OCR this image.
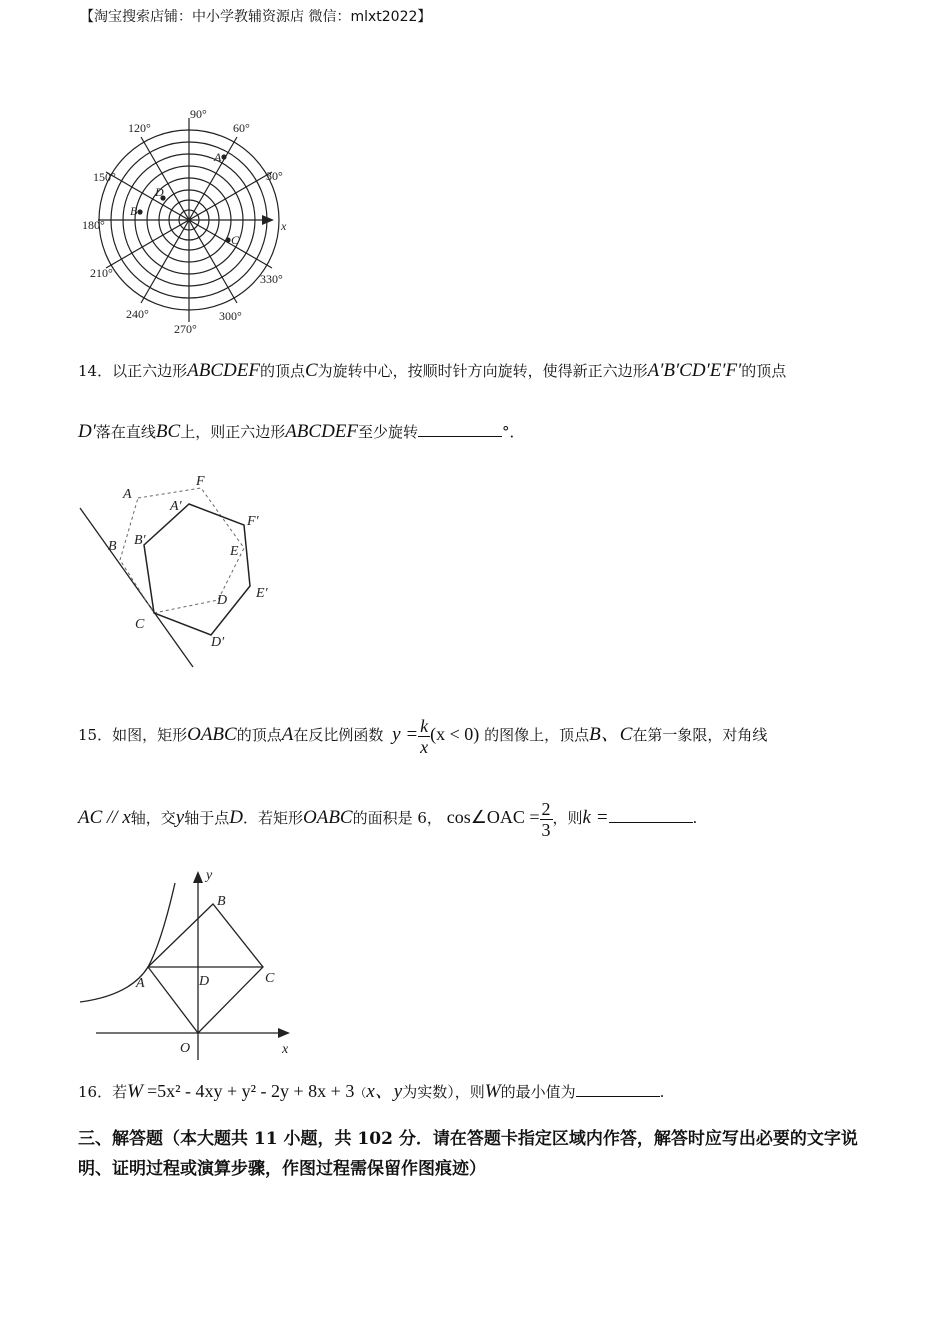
【淘宝搜索店铺：中小学教辅资源店 微信：mlxt2022】
90°
60°
30°
330°
300°
270°
240°
210°
180°
150°
120°
A
B
C
D
x
14．以正六边形ABCDEF的顶点C为旋转中心，按顺时针方向旋转，使得新正六边形A′B′CD′E′F′的顶点
D′落在直线BC上，则正六边形ABCDEF至少旋转	°．
A
F
A′
F′
B′
E
B
E′
D
C
D′
15．如图，矩形OABC的顶点A在反比例函数 $y = \frac{k}{x} (x < 0)$ 的图像上，顶点B、C在第一象限，对角线
AC // x轴，交y轴于点D．若矩形OABC的面积是 6， cos∠OAC = $\frac{2}{3}$ ，则k =	.
y
B
A	D	C
O	x
16．若W =5x² - 4xy + y² - 2y + 8x + 3（x、y为实数），则W的最小值为	.
三、解答题（本大题共 11 小题，共 102 分．请在答题卡指定区域内作答，解答时应写出必要的文字说明、证明过程或演算步骤，作图过程需保留作图痕迹）
